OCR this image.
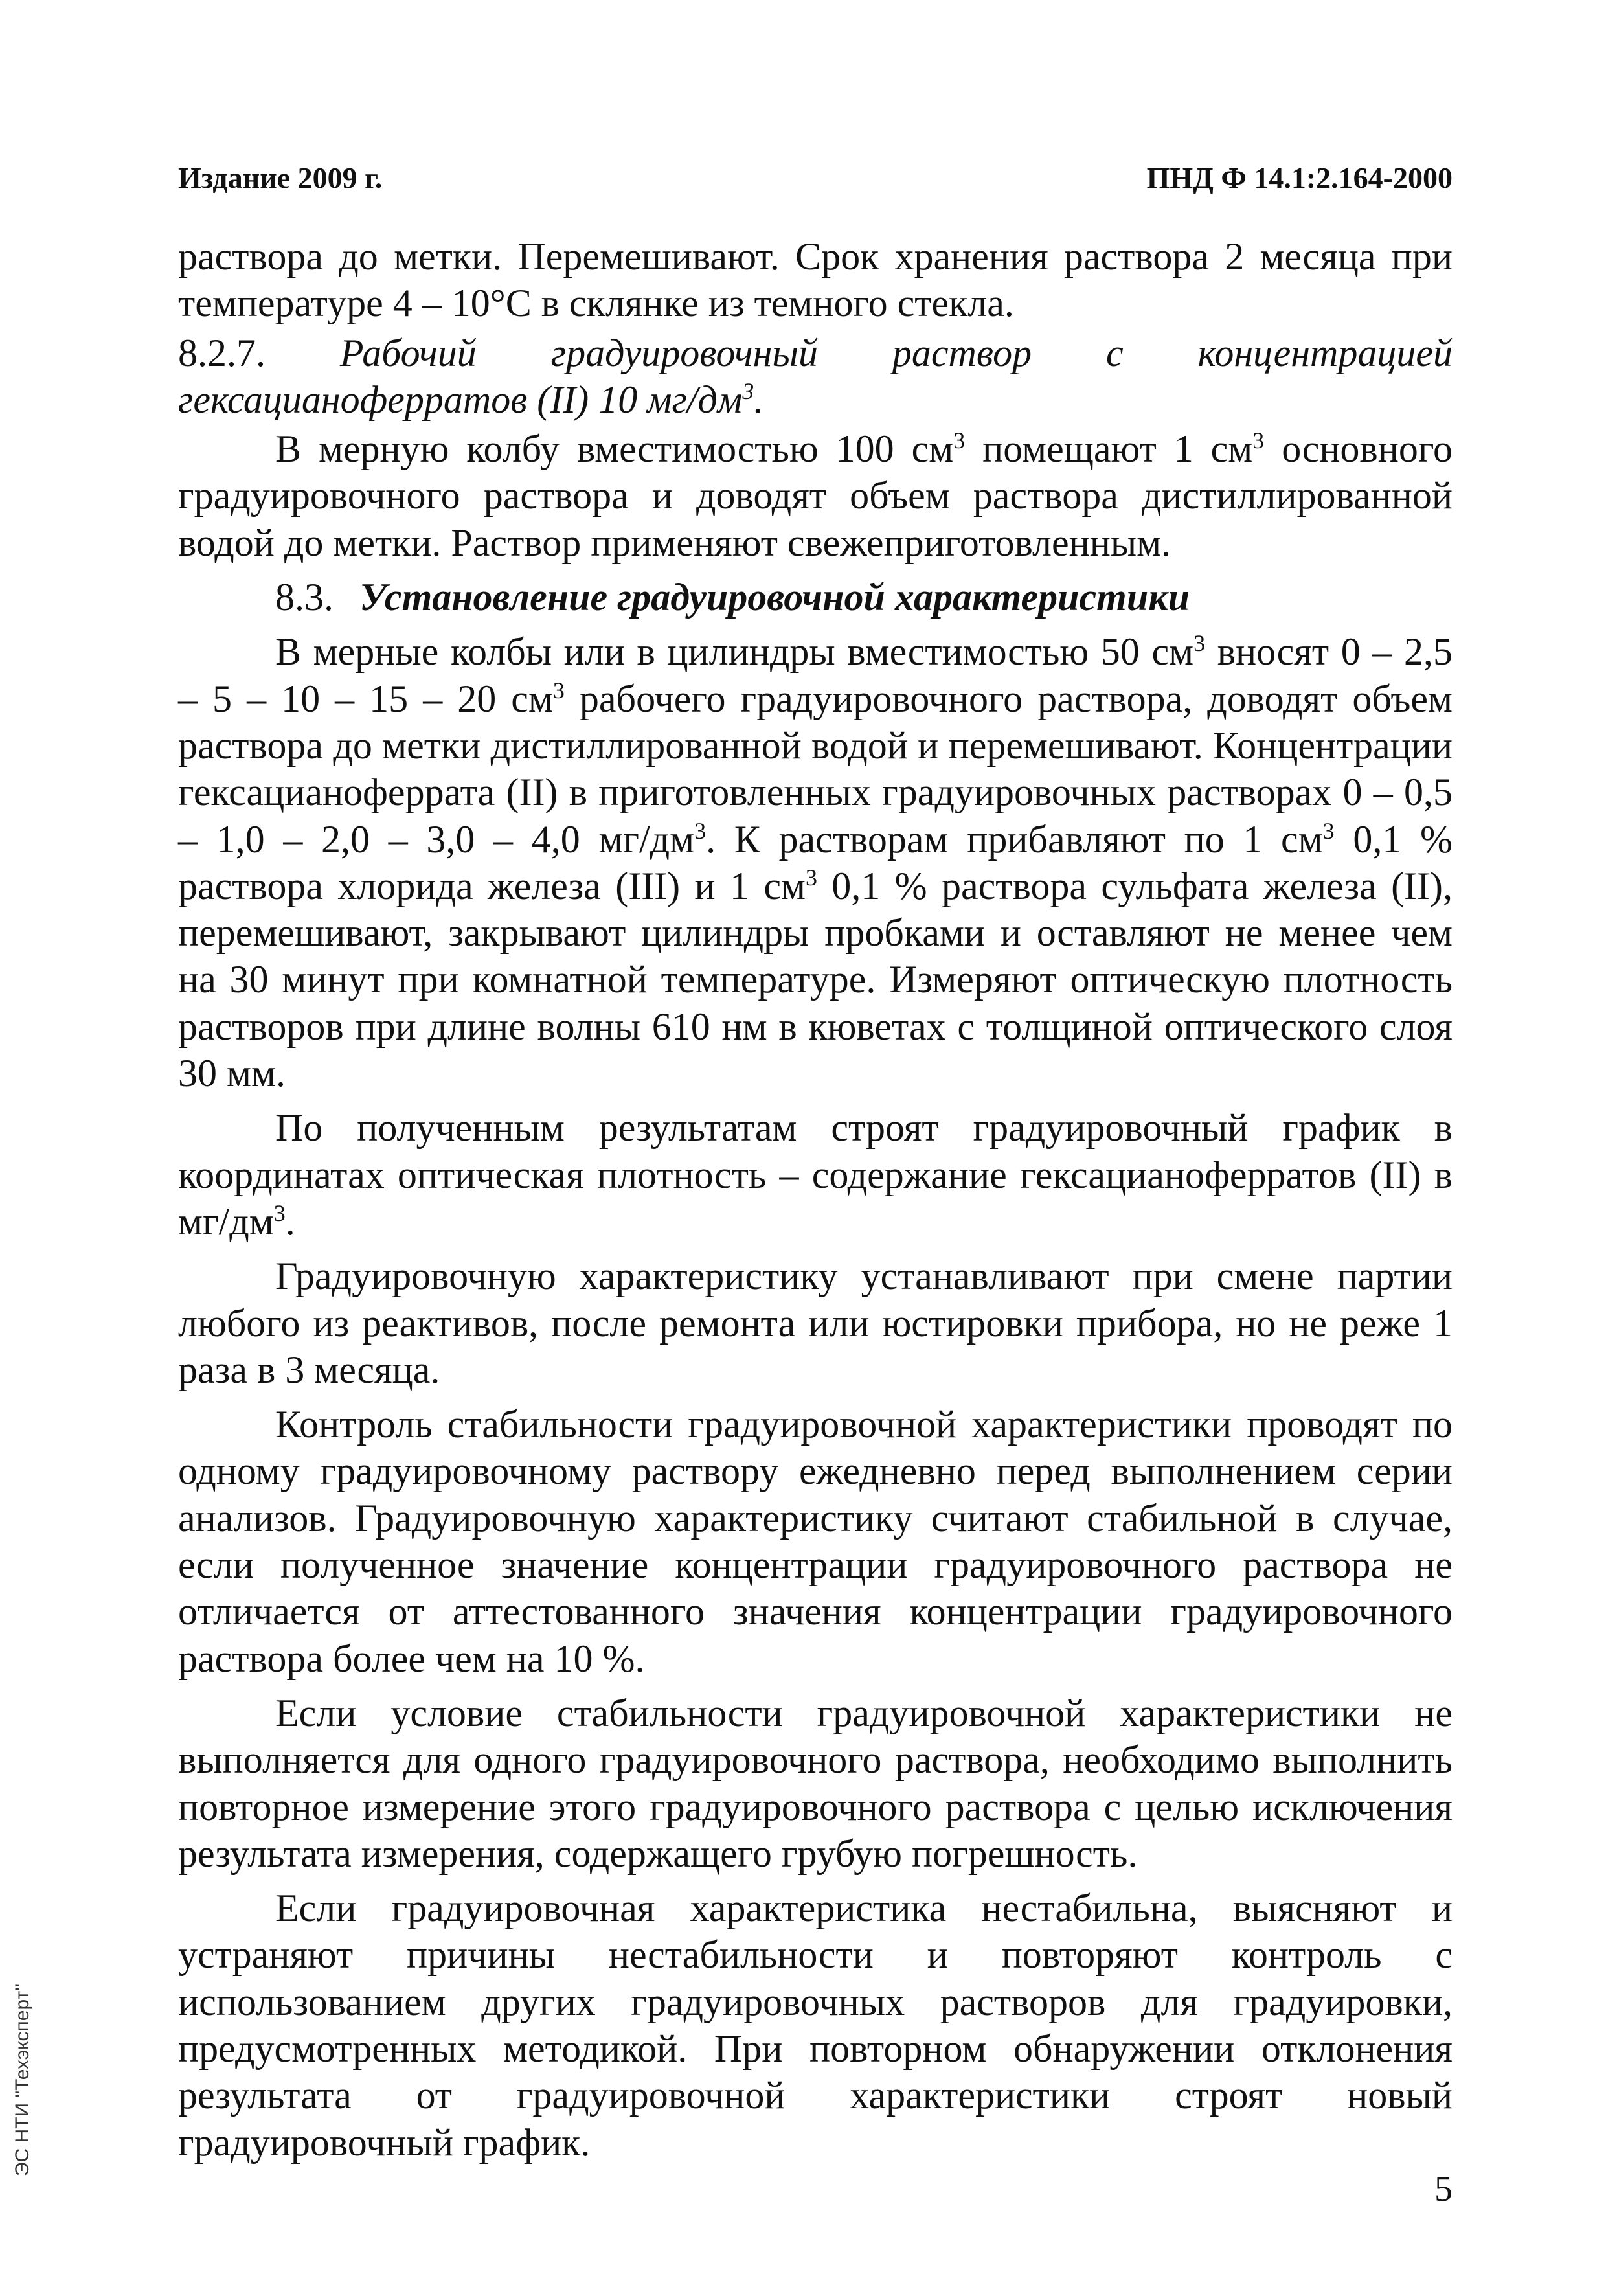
Издание 2009 г.	ПНД Ф 14.1:2.164-2000

раствора до метки. Перемешивают. Срок хранения раствора 2 месяца при температуре 4 – 10°С в склянке из темного стекла.

8.2.7. Рабочий градуировочный раствор с концентрацией гексацианоферратов (II) 10 $мг/дм^3$.

В мерную колбу вместимостью 100 $см^3$ помещают 1 $см^3$ основного градуировочного раствора и доводят объем раствора дистиллированной водой до метки. Раствор применяют свежеприготовленным.

8.3. Установление градуировочной характеристики

В мерные колбы или в цилиндры вместимостью 50 $см^3$ вносят 0 – 2,5 – 5 – 10 – 15 – 20 $см^3$ рабочего градуировочного раствора, доводят объем раствора до метки дистиллированной водой и перемешивают. Концентрации гексацианоферрата (II) в приготовленных градуировочных растворах 0 – 0,5 – 1,0 – 2,0 – 3,0 – 4,0 $мг/дм^3$. К растворам прибавляют по 1 $см^3$ 0,1 % раствора хлорида железа (III) и 1 $см^3$ 0,1 % раствора сульфата железа (II), перемешивают, закрывают цилиндры пробками и оставляют не менее чем на 30 минут при комнатной температуре. Измеряют оптическую плотность растворов при длине волны 610 нм в кюветах с толщиной оптического слоя 30 мм.

По полученным результатам строят градуировочный график в координатах оптическая плотность – содержание гексацианоферратов (II) в $мг/дм^3$.

Градуировочную характеристику устанавливают при смене партии любого из реактивов, после ремонта или юстировки прибора, но не реже 1 раза в 3 месяца.

Контроль стабильности градуировочной характеристики проводят по одному градуировочному раствору ежедневно перед выполнением серии анализов. Градуировочную характеристику считают стабильной в случае, если полученное значение концентрации градуировочного раствора не отличается от аттестованного значения концентрации градуировочного раствора более чем на 10 %.

Если условие стабильности градуировочной характеристики не выполняется для одного градуировочного раствора, необходимо выполнить повторное измерение этого градуировочного раствора с целью исключения результата измерения, содержащего грубую погрешность.

Если градуировочная характеристика нестабильна, выясняют и устраняют причины нестабильности и повторяют контроль с использованием других градуировочных растворов для градуировки, предусмотренных методикой. При повторном обнаружении отклонения результата от градуировочной характеристики строят новый градуировочный график.

ЭС НТИ "Техэксперт"
5
